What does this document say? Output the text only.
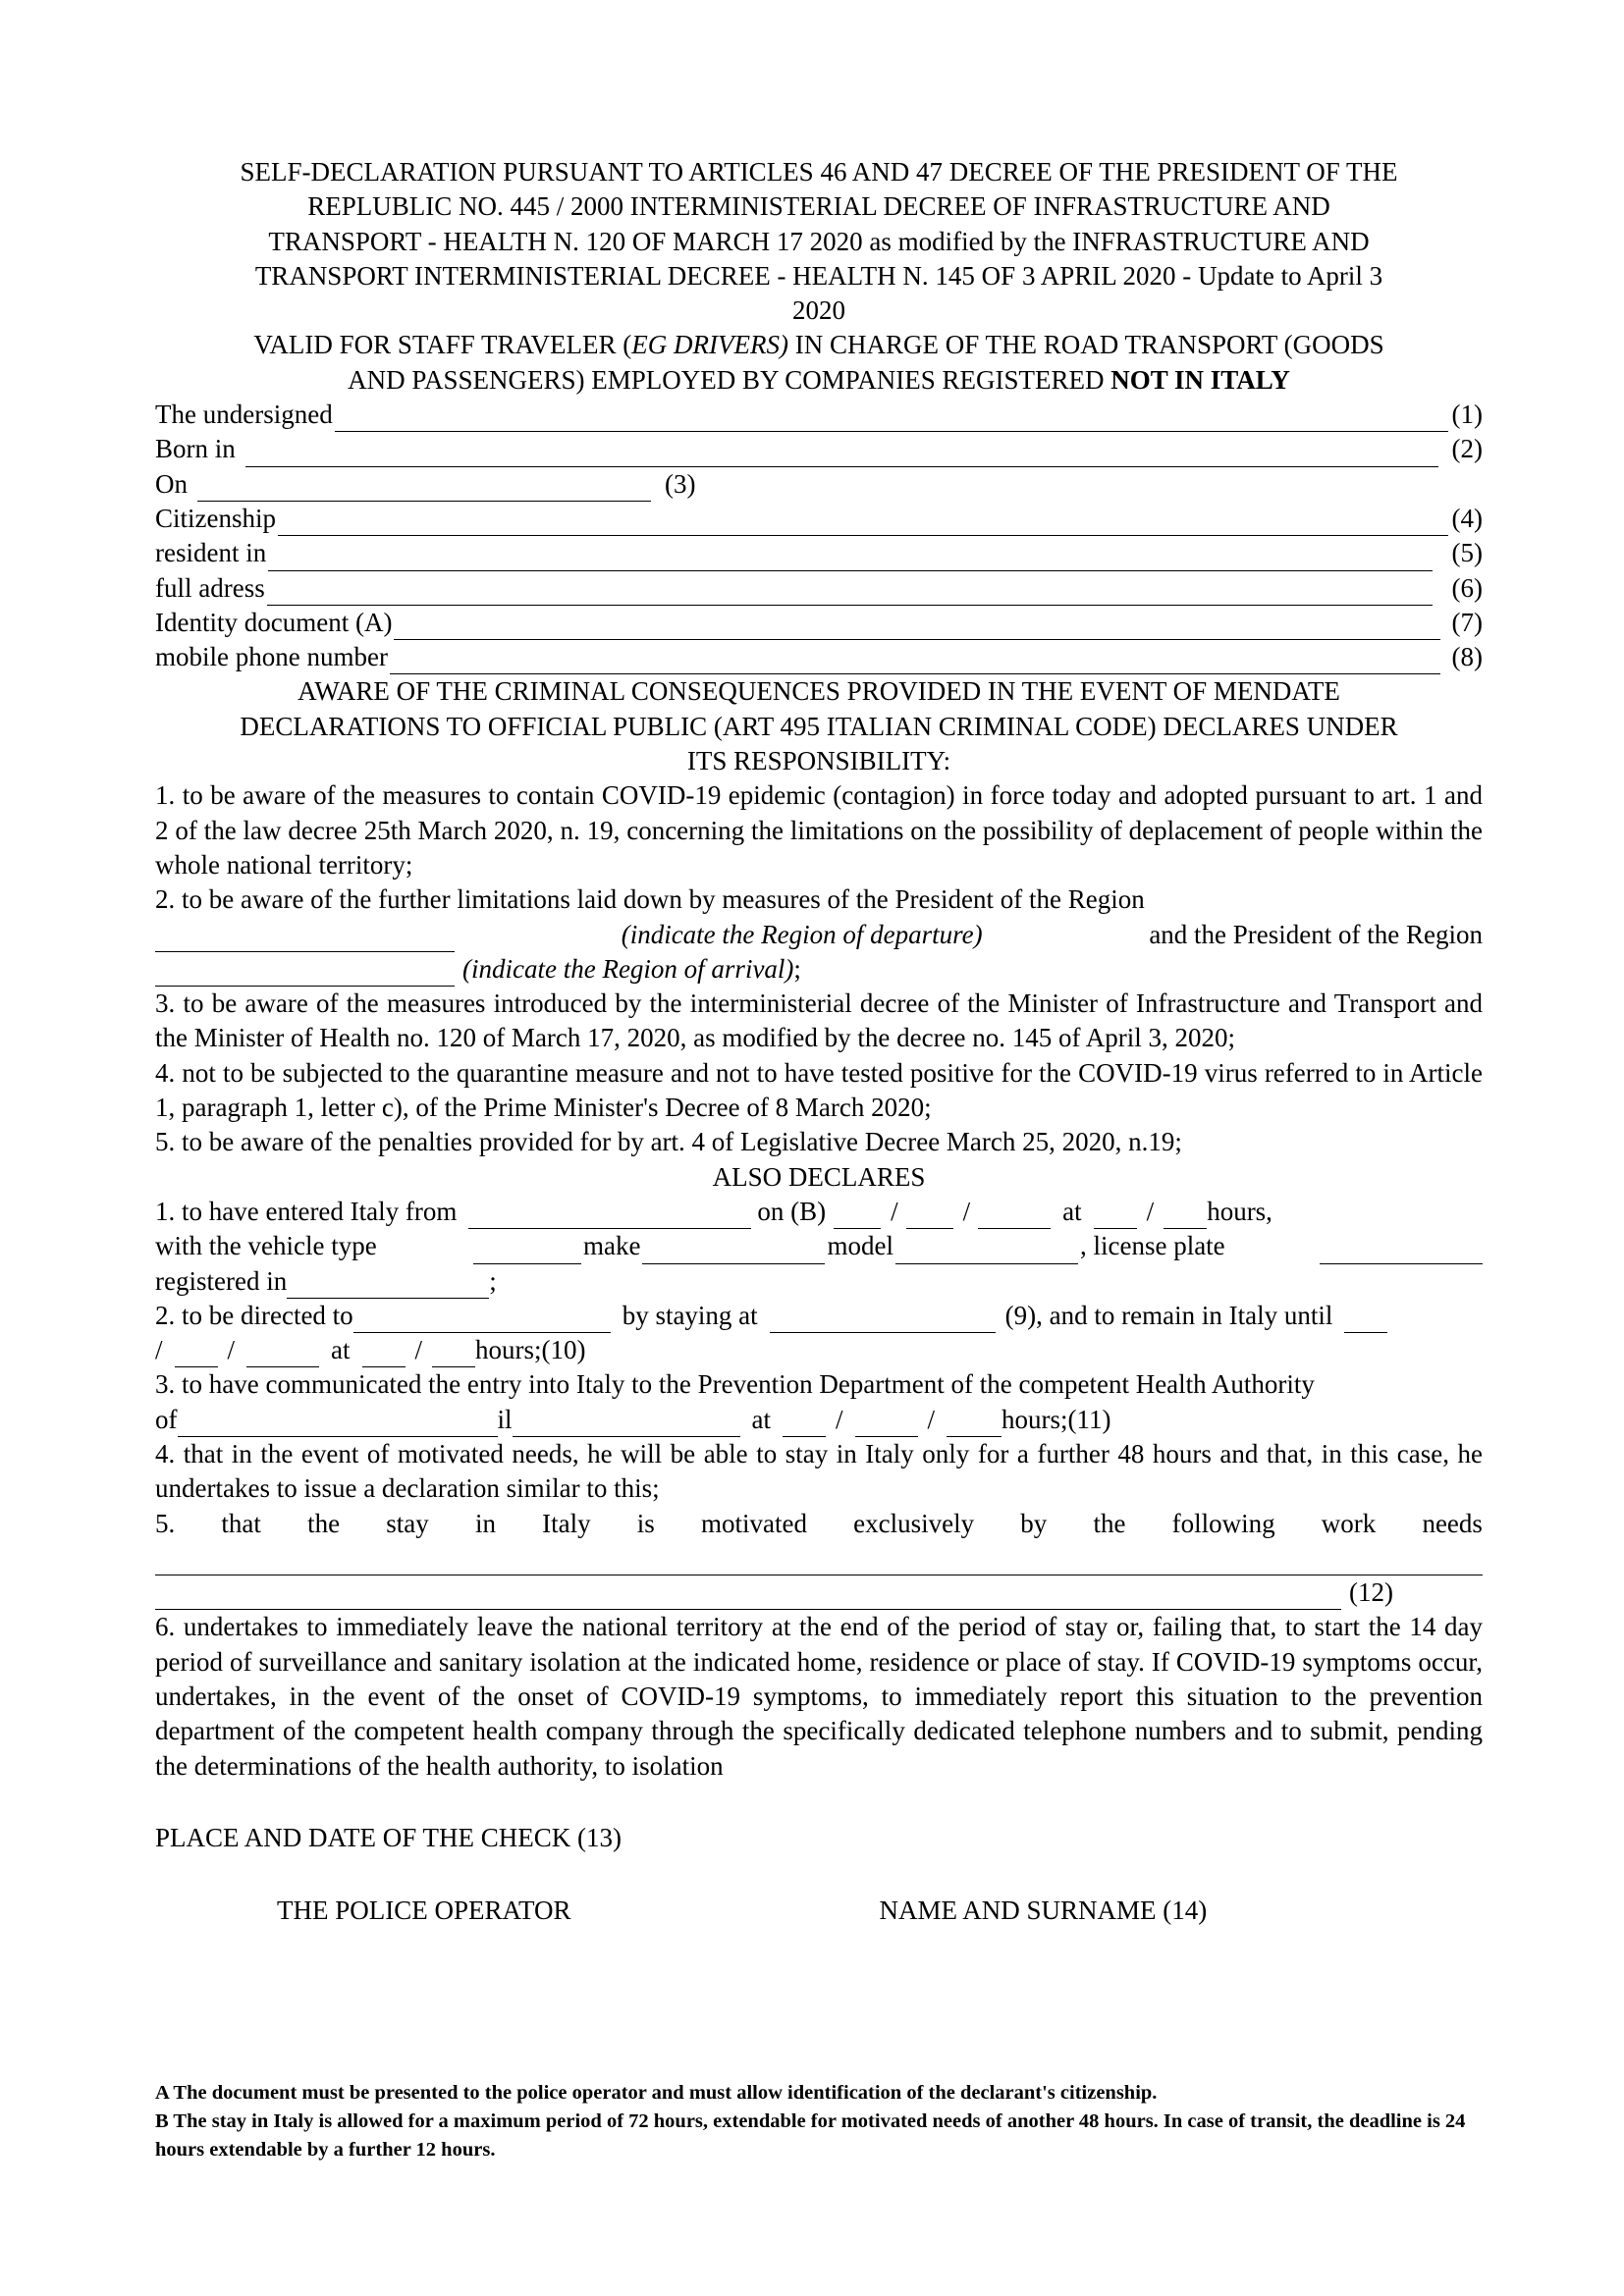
SELF-DECLARATION PURSUANT TO ARTICLES 46 AND 47 DECREE OF THE PRESIDENT OF THE
REPLUBLIC NO. 445 / 2000 INTERMINISTERIAL DECREE OF INFRASTRUCTURE AND
TRANSPORT - HEALTH N. 120 OF MARCH 17 2020 as modified by the INFRASTRUCTURE AND
TRANSPORT INTERMINISTERIAL DECREE - HEALTH N. 145 OF 3 APRIL 2020 - Update to April 3
2020
VALID FOR STAFF TRAVELER (EG DRIVERS) IN CHARGE OF THE ROAD TRANSPORT (GOODS
AND PASSENGERS) EMPLOYED BY COMPANIES REGISTERED NOT IN ITALY
The undersigned	(1)
Born in	(2)
On	(3)
Citizenship	(4)
resident in	(5)
full adress	(6)
Identity document (A)	(7)
mobile phone number	(8)
AWARE OF THE CRIMINAL CONSEQUENCES PROVIDED IN THE EVENT OF MENDATE
DECLARATIONS TO OFFICIAL PUBLIC (ART 495 ITALIAN CRIMINAL CODE) DECLARES UNDER
ITS RESPONSIBILITY:
1. to be aware of the measures to contain COVID-19 epidemic (contagion) in force today and adopted pursuant to art. 1 and 2 of the law decree 25th March 2020, n. 19, concerning the limitations on the possibility of deplacement of people within the whole national territory;
2. to be aware of the further limitations laid down by measures of the President of the Region
(indicate the Region of departure)	and the President of the Region
(indicate the Region of arrival) ;
3. to be aware of the measures introduced by the interministerial decree of the Minister of Infrastructure and Transport and the Minister of Health no. 120 of March 17, 2020, as modified by the decree no. 145 of April 3, 2020;
4. not to be subjected to the quarantine measure and not to have tested positive for the COVID-19 virus referred to in Article 1, paragraph 1, letter c), of the Prime Minister's Decree of 8 March 2020;
5. to be aware of the penalties provided for by art. 4 of Legislative Decree March 25, 2020, n.19;
ALSO DECLARES
1. to have entered Italy from	on (B) /
/	at / hours,
with the vehicle type	make	model	, license plate
registered in	;
2. to be directed to	by staying at	(9), and to remain in Italy until
/ /	at / hours;(10)
3. to have communicated the entry into Italy to the Prevention Department of the competent Health Authority
of	il	at /	/	hours;(11)
4. that in the event of motivated needs, he will be able to stay in Italy only for a further 48 hours and that, in this case, he undertakes to issue a declaration similar to this;
5. that the stay in Italy is motivated exclusively by the following work needs
(12)
6. undertakes to immediately leave the national territory at the end of the period of stay or, failing that, to start the 14 day period of surveillance and sanitary isolation at the indicated home, residence or place of stay. If COVID-19 symptoms occur, undertakes, in the event of the onset of COVID-19 symptoms, to immediately report this situation to the prevention department of the competent health company through the specifically dedicated telephone numbers and to submit, pending the determinations of the health authority, to isolation
PLACE AND DATE OF THE CHECK (13)
THE POLICE OPERATOR	NAME AND SURNAME (14)
A The document must be presented to the police operator and must allow identification of the declarant's citizenship.
B The stay in Italy is allowed for a maximum period of 72 hours, extendable for motivated needs of another 48 hours. In case of transit, the deadline is 24 hours extendable by a further 12 hours.
